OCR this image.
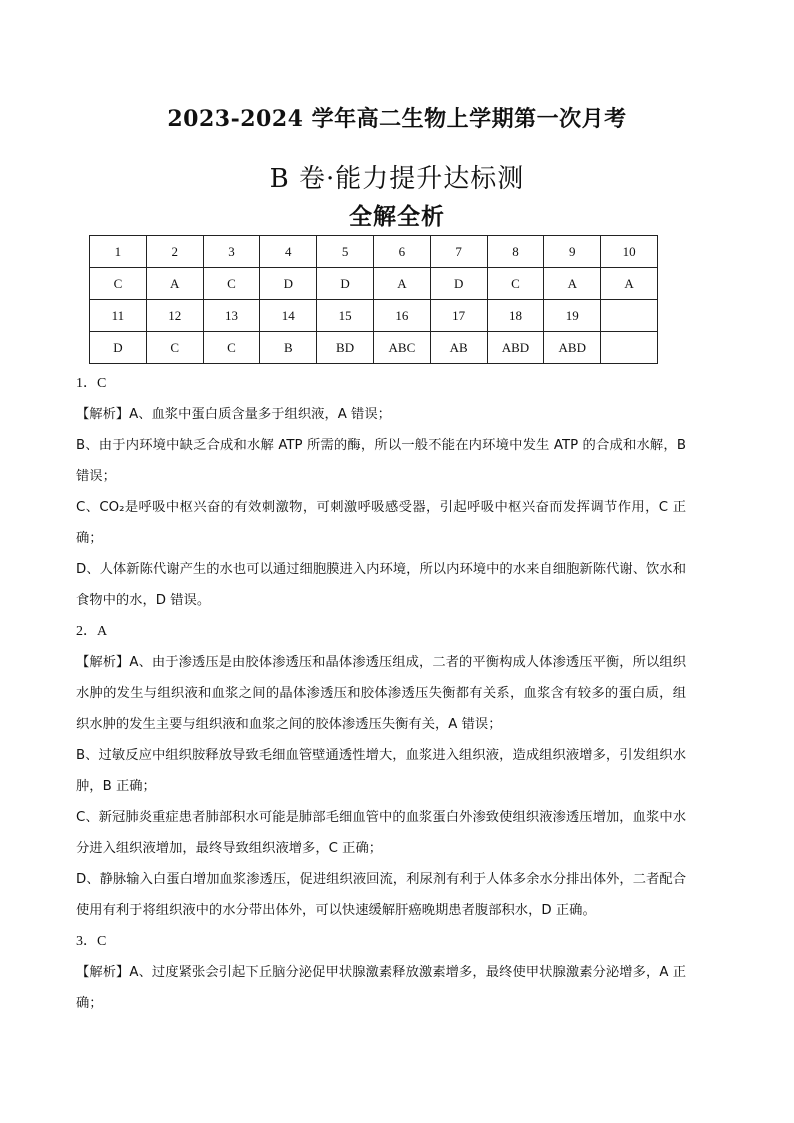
2023-2024 学年高二生物上学期第一次月考
B 卷·能力提升达标测
全解全析
1	2	3	4	5	6	7	8	9	10
C	A	C	D	D	A	D	C	A	A
11	12	13	14	15	16	17	18	19	
D	C	C	B	BD	ABC	AB	ABD	ABD	

1．C

【解析】A、血浆中蛋白质含量多于组织液，A 错误；

B、由于内环境中缺乏合成和水解 ATP 所需的酶，所以一般不能在内环境中发生 ATP 的合成和水解，B 错误；

C、CO₂是呼吸中枢兴奋的有效刺激物，可刺激呼吸感受器，引起呼吸中枢兴奋而发挥调节作用，C 正确；

D、人体新陈代谢产生的水也可以通过细胞膜进入内环境，所以内环境中的水来自细胞新陈代谢、饮水和食物中的水，D 错误。

2．A

【解析】A、由于渗透压是由胶体渗透压和晶体渗透压组成，二者的平衡构成人体渗透压平衡，所以组织水肿的发生与组织液和血浆之间的晶体渗透压和胶体渗透压失衡都有关系，血浆含有较多的蛋白质，组织水肿的发生主要与组织液和血浆之间的胶体渗透压失衡有关，A 错误；

B、过敏反应中组织胺释放导致毛细血管壁通透性增大，血浆进入组织液，造成组织液增多，引发组织水肿，B 正确；

C、新冠肺炎重症患者肺部积水可能是肺部毛细血管中的血浆蛋白外渗致使组织液渗透压增加，血浆中水分进入组织液增加，最终导致组织液增多，C 正确；

D、静脉输入白蛋白增加血浆渗透压，促进组织液回流，利尿剂有利于人体多余水分排出体外，二者配合使用有利于将组织液中的水分带出体外，可以快速缓解肝癌晚期患者腹部积水，D 正确。

3．C

【解析】A、过度紧张会引起下丘脑分泌促甲状腺激素释放激素增多，最终使甲状腺激素分泌增多，A 正确；
